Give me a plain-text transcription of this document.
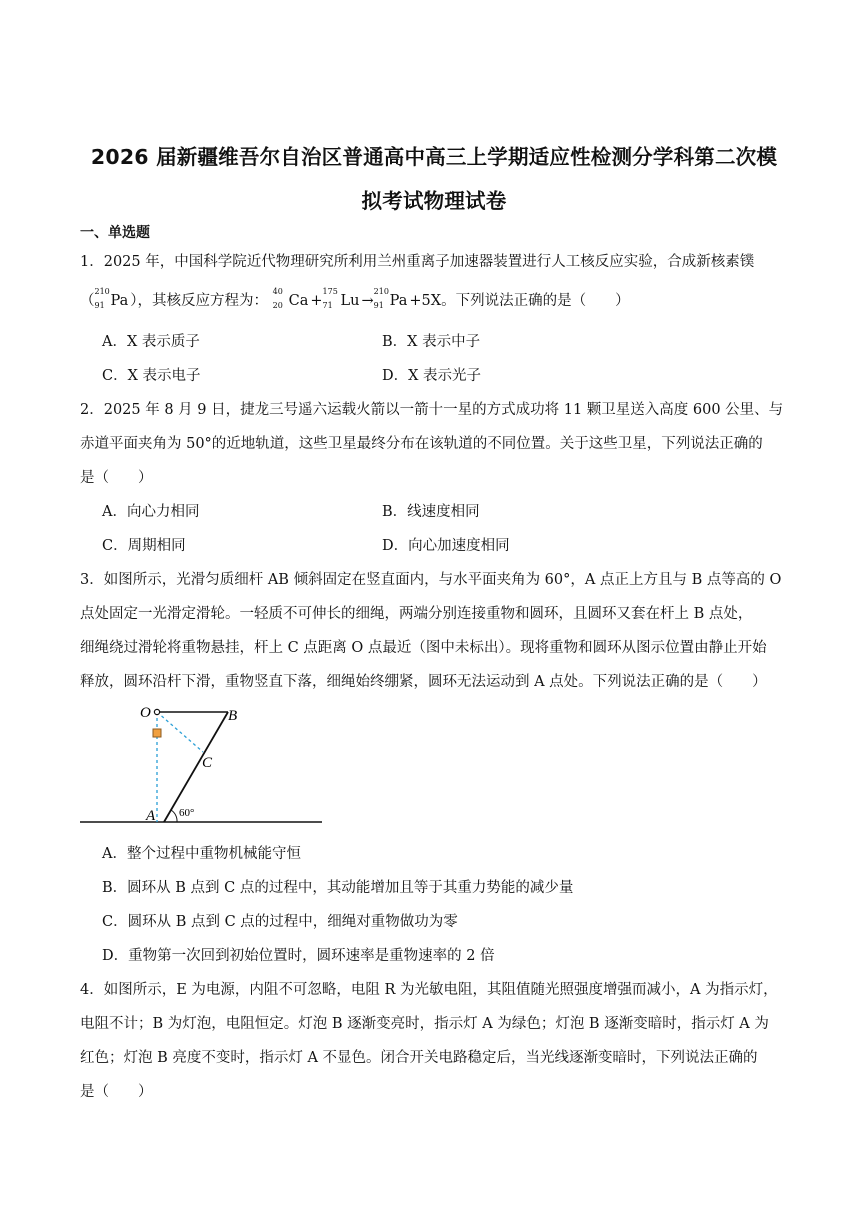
2026 届新疆维吾尔自治区普通高中高三上学期适应性检测分学科第二次模
拟考试物理试卷
一、单选题
1．2025 年，中国科学院近代物理研究所利用兰州重离子加速器装置进行人工核反应实验，合成新核素镤
（
210
91 Pa ），其核反应方程为：
40
20 Ca +
175
71 Lu →
210
91 Pa +5X。下列说法正确的是（　　）
A．X 表示质子	B．X 表示中子
C．X 表示电子	D．X 表示光子
2．2025 年 8 月 9 日，捷龙三号遥六运载火箭以一箭十一星的方式成功将 11 颗卫星送入高度 600 公里、与
赤道平面夹角为 50°的近地轨道，这些卫星最终分布在该轨道的不同位置。关于这些卫星，下列说法正确的
是（　　）
A．向心力相同	B．线速度相同
C．周期相同	D．向心加速度相同
3．如图所示，光滑匀质细杆 AB 倾斜固定在竖直面内，与水平面夹角为 60°，A 点正上方且与 B 点等高的 O
点处固定一光滑定滑轮。一轻质不可伸长的细绳，两端分别连接重物和圆环，且圆环又套在杆上 B 点处，
细绳绕过滑轮将重物悬挂，杆上 C 点距离 O 点最近（图中未标出）。现将重物和圆环从图示位置由静止开始
释放，圆环沿杆下滑，重物竖直下落，细绳始终绷紧，圆环无法运动到 A 点处。下列说法正确的是（　　）
O	B
C
A 60°
A．整个过程中重物机械能守恒
B．圆环从 B 点到 C 点的过程中，其动能增加且等于其重力势能的减少量
C．圆环从 B 点到 C 点的过程中，细绳对重物做功为零
D．重物第一次回到初始位置时，圆环速率是重物速率的 2 倍
4．如图所示，E 为电源，内阻不可忽略，电阻 R 为光敏电阻，其阻值随光照强度增强而减小，A 为指示灯，
电阻不计；B 为灯泡，电阻恒定。灯泡 B 逐渐变亮时，指示灯 A 为绿色；灯泡 B 逐渐变暗时，指示灯 A 为
红色；灯泡 B 亮度不变时，指示灯 A 不显色。闭合开关电路稳定后，当光线逐渐变暗时，下列说法正确的
是（　　）
